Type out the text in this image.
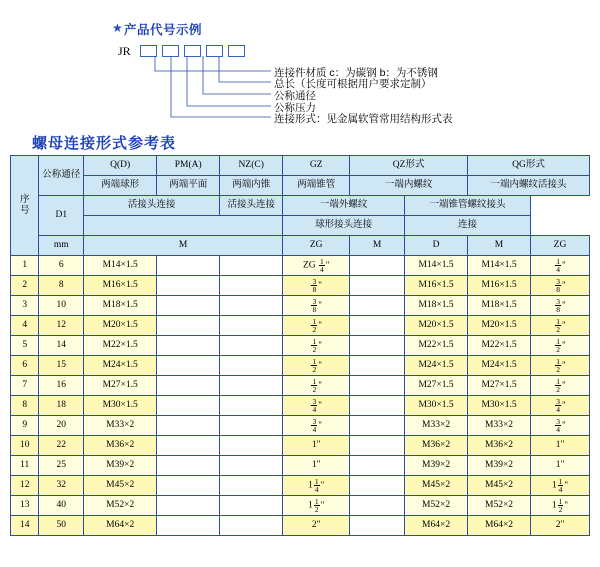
★ 产品代号示例
JR
连接件材质 c：为碳钢 b：为不锈钢
总长（长度可根据用户要求定制）
公称通径
公称压力
连接形式：见金属软管常用结构形式表
螺母连接形式参考表
序
号	公称通径	Q(D)	PM(A)	NZ(C)	GZ	QZ形式		QG形式	
		两端球形	两端平面	两端内锥	两端锥管	一端内螺纹		一端内螺纹活接头	
	D1	活接头连接		活接头连接	一端外螺纹		一端锥管螺纹接头		
					球形接头连接		连接		
	mm	M			ZG	M	D	M	ZG
1	6	M14×1.5			ZG $\frac{1}{4}$ "		M14×1.5	M14×1.5	$\frac{1}{4}$ "
2	8	M16×1.5			$\frac{3}{8}$ "		M16×1.5	M16×1.5	$\frac{3}{8}$ "
3	10	M18×1.5			$\frac{3}{8}$ "		M18×1.5	M18×1.5	$\frac{3}{8}$ "
4	12	M20×1.5			$\frac{1}{2}$ "		M20×1.5	M20×1.5	$\frac{1}{2}$ "
5	14	M22×1.5			$\frac{1}{2}$ "		M22×1.5	M22×1.5	$\frac{1}{2}$ "
6	15	M24×1.5			$\frac{1}{2}$ "		M24×1.5	M24×1.5	$\frac{1}{2}$ "
7	16	M27×1.5			$\frac{1}{2}$ "		M27×1.5	M27×1.5	$\frac{1}{2}$ "
8	18	M30×1.5			$\frac{3}{4}$ "		M30×1.5	M30×1.5	$\frac{3}{4}$ "
9	20	M33×2			$\frac{3}{4}$ "		M33×2	M33×2	$\frac{3}{4}$ "
10	22	M36×2			1"		M36×2	M36×2	1"
11	25	M39×2			1"		M39×2	M39×2	1"
12	32	M45×2			$1 \frac{1}{4}$ "		M45×2	M45×2	$1 \frac{1}{4}$ "
13	40	M52×2			$1 \frac{1}{2}$ "		M52×2	M52×2	$1 \frac{1}{2}$ "
14	50	M64×2			2"		M64×2	M64×2	2"
